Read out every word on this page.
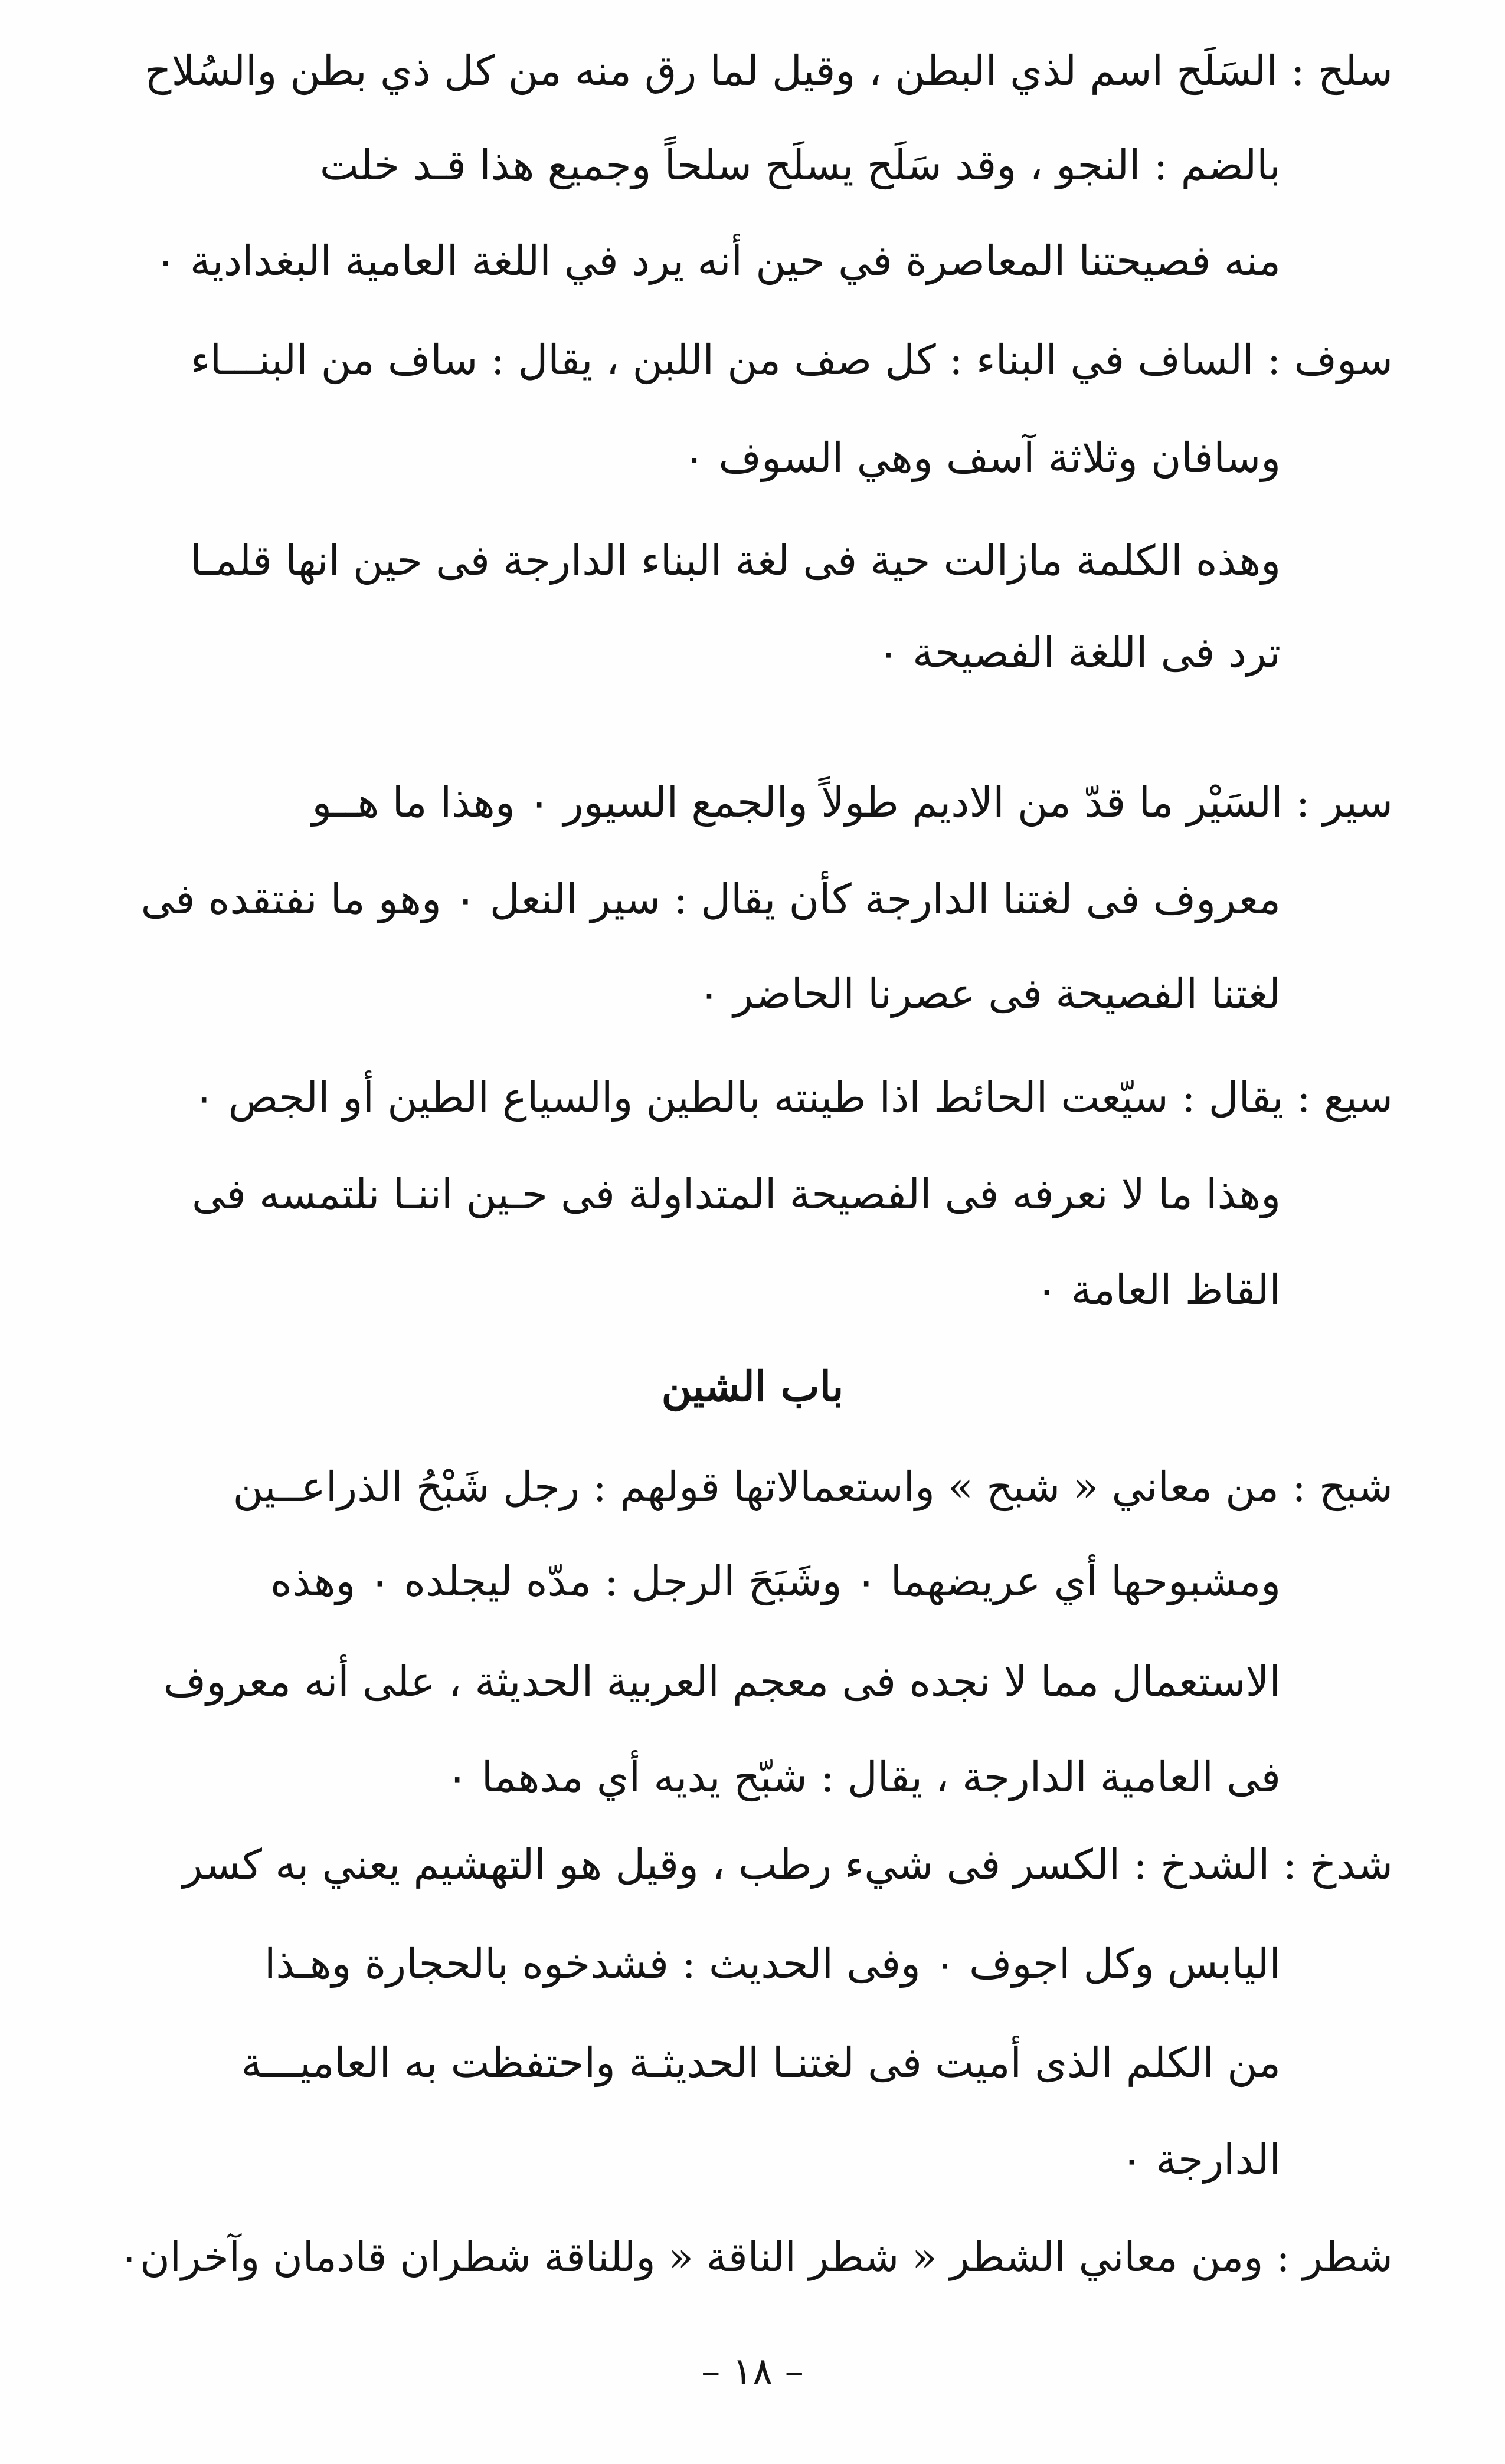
سلح : السَلَح اسم لذي البطن ، وقيل لما رق منه من كل ذي بطن والسُلاح
بالضم : النجو ، وقد سَلَح يسلَح سلحاً وجميع هذا قـد خلت
منه فصيحتنا المعاصرة في حين أنه يرد في اللغة العامية البغدادية ٠
سوف : الساف في البناء : كل صف من اللبن ، يقال : ساف من البنـــاء
وسافان وثلاثة آسف وهي السوف ٠
وهذه الكلمة مازالت حية فى لغة البناء الدارجة فى حين انها قلمـا
ترد فى اللغة الفصيحة ٠
سير : السَيْر ما قدّ من الاديم طولاً والجمع السيور ٠ وهذا ما هــو
معروف فى لغتنا الدارجة كأن يقال : سير النعل ٠ وهو ما نفتقده فى
لغتنا الفصيحة فى عصرنا الحاضر ٠
سيع : يقال : سيّعت الحائط اذا طينته بالطين والسياع الطين أو الجص ٠
وهذا ما لا نعرفه فى الفصيحة المتداولة فى حـين اننـا نلتمسه فى
القاظ العامة ٠
باب الشين
شبح : من معاني « شبح » واستعمالاتها قولهم : رجل شَبْحُ الذراعــين
ومشبوحها أي عريضهما ٠ وشَبَحَ الرجل : مدّه ليجلده ٠ وهذه
الاستعمال مما لا نجده فى معجم العربية الحديثة ، على أنه معروف
فى العامية الدارجة ، يقال : شبّح يديه أي مدهما ٠
شدخ : الشدخ : الكسر فى شيء رطب ، وقيل هو التهشيم يعني به كسر
اليابس وكل اجوف ٠ وفى الحديث : فشدخوه بالحجارة وهـذا
من الكلم الذى أميت فى لغتنـا الحديثـة واحتفظت به العاميـــة
الدارجة ٠
شطر : ومن معاني الشطر « شطر الناقة « وللناقة شطران قادمان وآخران٠
– ١٨ –
